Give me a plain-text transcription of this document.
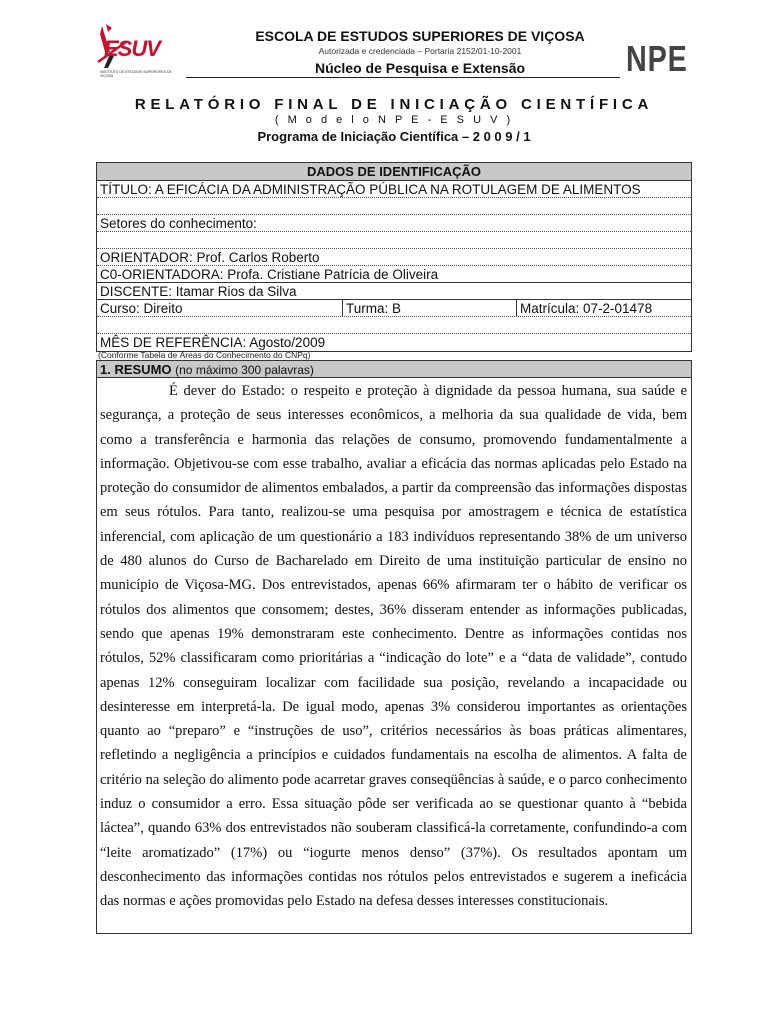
ESUV
INSTITUTO DE ESTUDOS SUPERIORES DE VIÇOSA
ESCOLA DE ESTUDOS SUPERIORES DE VIÇOSA
Autorizada e credenciada – Portaria 2152/01-10-2001
Núcleo de Pesquisa e Extensão	NPE
RELATÓRIO FINAL DE INICIAÇÃO CIENTÍFICA
( M o d e l o N P E - E S U V )
Programa de Iniciação Científica – 2 0 0 9 / 1
DADOS DE IDENTIFICAÇÃO
TÍTULO: A EFICÁCIA DA ADMINISTRAÇÃO PÚBLICA NA ROTULAGEM DE ALIMENTOS
Setores do conhecimento:
ORIENTADOR: Prof. Carlos Roberto
C0-ORIENTADORA: Profa. Cristiane Patrícia de Oliveira
DISCENTE: Itamar Rios da Silva
Curso: Direito	Turma: B	Matrícula: 07-2-01478
MÊS DE REFERÊNCIA: Agosto/2009
(Conforme Tabela de Áreas do Conhecimento do CNPq)
1. RESUMO (no máximo 300 palavras)
É dever do Estado: o respeito e proteção à dignidade da pessoa humana, sua saúde e segurança, a proteção de seus interesses econômicos, a melhoria da sua qualidade de vida, bem como a transferência e harmonia das relações de consumo, promovendo fundamentalmente a informação. Objetivou-se com esse trabalho, avaliar a eficácia das normas aplicadas pelo Estado na proteção do consumidor de alimentos embalados, a partir da compreensão das informações dispostas em seus rótulos. Para tanto, realizou-se uma pesquisa por amostragem e técnica de estatística inferencial, com aplicação de um questionário a 183 indivíduos representando 38% de um universo de 480 alunos do Curso de Bacharelado em Direito de uma instituição particular de ensino no município de Viçosa-MG. Dos entrevistados, apenas 66% afirmaram ter o hábito de verificar os rótulos dos alimentos que consomem; destes, 36% disseram entender as informações publicadas, sendo que apenas 19% demonstraram este conhecimento. Dentre as informações contidas nos rótulos, 52% classificaram como prioritárias a “indicação do lote” e a “data de validade”, contudo apenas 12% conseguiram localizar com facilidade sua posição, revelando a incapacidade ou desinteresse em interpretá-la. De igual modo, apenas 3% considerou importantes as orientações quanto ao “preparo” e “instruções de uso”, critérios necessários às boas práticas alimentares, refletindo a negligência a princípios e cuidados fundamentais na escolha de alimentos. A falta de critério na seleção do alimento pode acarretar graves conseqüências à saúde, e o parco conhecimento induz o consumidor a erro. Essa situação pôde ser verificada ao se questionar quanto à “bebida láctea”, quando 63% dos entrevistados não souberam classificá-la corretamente, confundindo-a com “leite aromatizado” (17%) ou “iogurte menos denso” (37%). Os resultados apontam um desconhecimento das informações contidas nos rótulos pelos entrevistados e sugerem a ineficácia das normas e ações promovidas pelo Estado na defesa desses interesses constitucionais.
